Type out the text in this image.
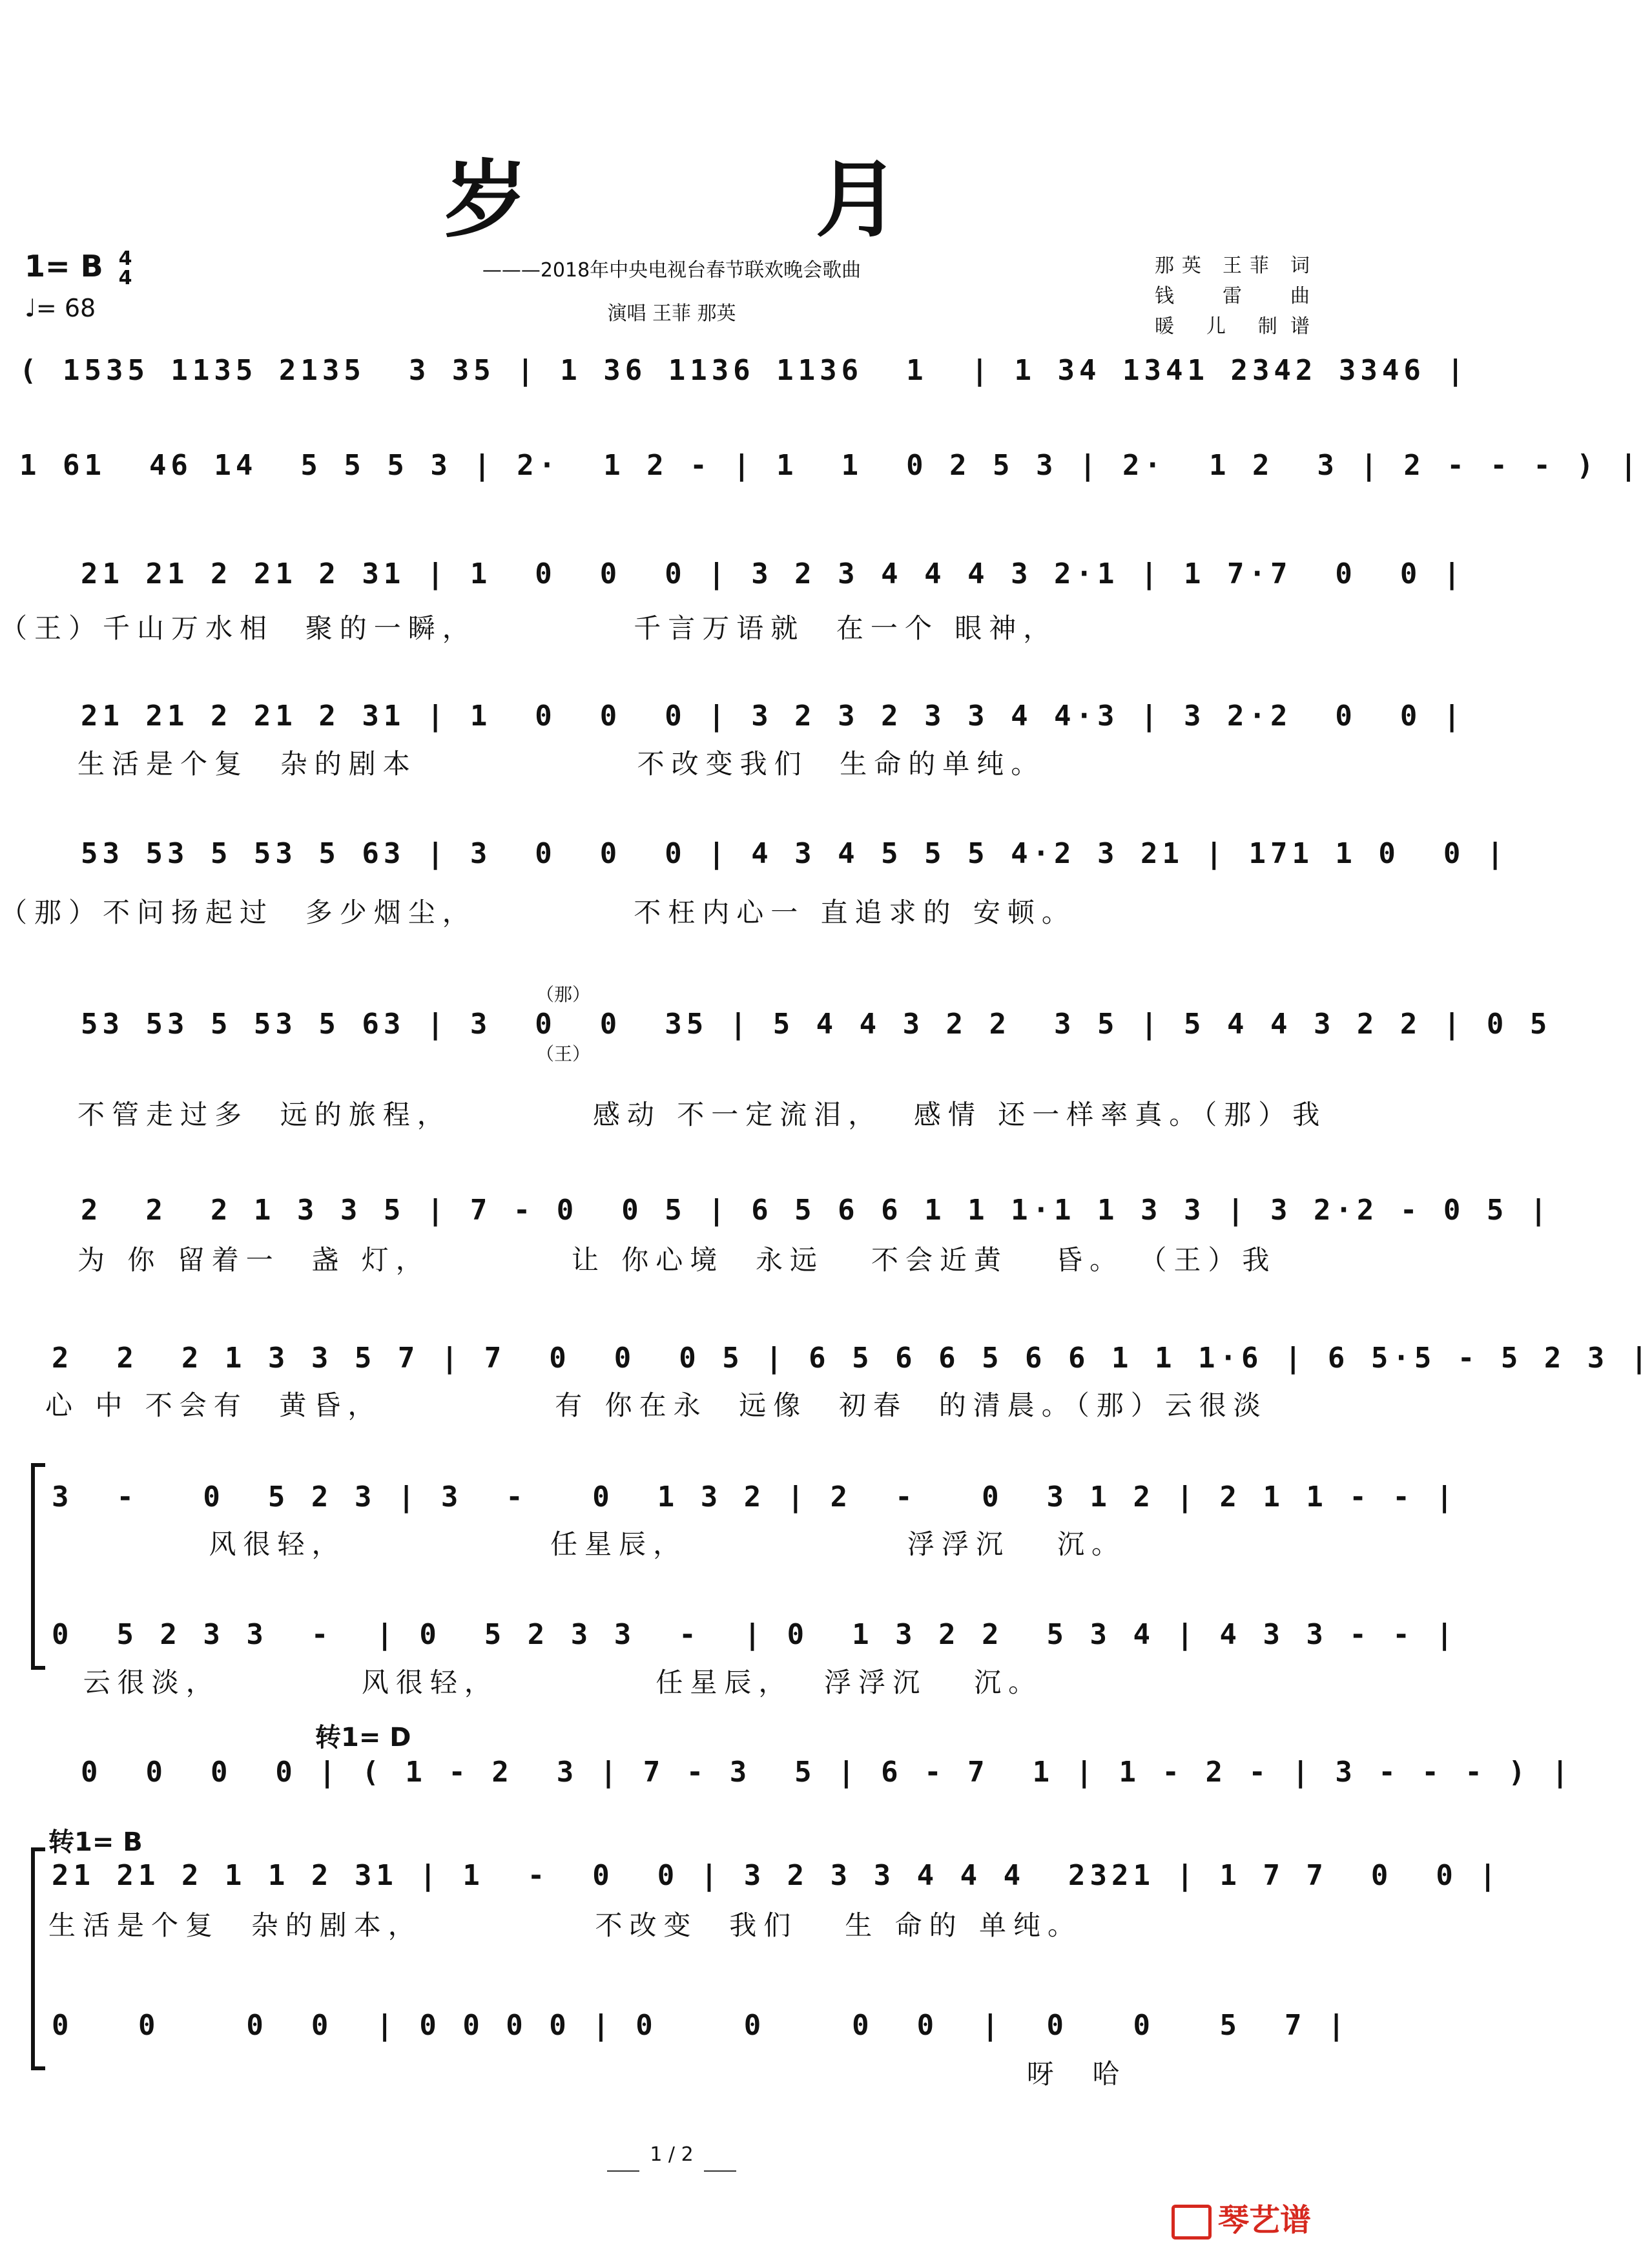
岁 月
1= B 4
4
♩= 68
———2018年中央电视台春节联欢晚会歌曲
演唱 王菲 那英
那英 王菲 词
钱 雷 曲
暖 儿 制谱
( 1535 1135 2135  3 35 | 1 36 1136 1136  1  | 1 34 1341 2342 3346 |
1 61  46 14  5 5 5 3 | 2·  1 2 - | 1  1  0 2 5 3 | 2·  1 2  3 | 2 - - - ) |
21 21 2 21 2 31 | 1  0  0  0 | 3 2 3 4 4 4 3 2·1 | 1 7·7  0  0 |
（王）千山万水相  聚的一瞬，          千言万语就  在一个 眼神，
21 21 2 21 2 31 | 1  0  0  0 | 3 2 3 2 3 3 4 4·3 | 3 2·2  0  0 |
生活是个复  杂的剧本              不改变我们  生命的单纯。
53 53 5 53 5 63 | 3  0  0  0 | 4 3 4 5 5 5 4·2 3 21 | 171 1 0  0 |
（那）不问扬起过  多少烟尘，          不枉内心一 直追求的 安顿。
（那）
（王）
53 53 5 53 5 63 | 3  0  0  35 | 5 4 4 3 2 2  3 5 | 5 4 4 3 2 2 | 0 5
不管走过多  远的旅程，         感动 不一定流泪，  感情 还一样率真。（那）我
2  2  2 1 3 3 5 | 7 - 0  0 5 | 6 5 6 6 1 1 1·1 1 3 3 | 3 2·2 - 0 5 |
为 你 留着一  盏 灯，         让 你心境  永远   不会近黄   昏。 （王）我
2  2  2 1 3 3 5 7 | 7  0  0  0 5 | 6 5 6 6 5 6 6 1 1 1·6 | 6 5·5 - 5 2 3 |
心 中 不会有  黄昏，           有 你在永  远像  初春  的清晨。（那）云很淡
3  -   0  5 2 3 | 3  -   0  1 3 2 | 2  -   0  3 1 2 | 2 1 1 - - |
风很轻，             任星辰，              浮浮沉   沉。
0  5 2 3 3  -  | 0  5 2 3 3  -  | 0  1 3 2 2  5 3 4 | 4 3 3 - - |
云很淡，         风很轻，          任星辰，  浮浮沉   沉。
转1= D
0  0  0  0 | ( 1 - 2  3 | 7 - 3  5 | 6 - 7  1 | 1 - 2 - | 3 - - - ) |
转1= B
21 21 2 1 1 2 31 | 1  -  0  0 | 3 2 3 3 4 4 4  2321 | 1 7 7  0  0 |
生活是个复  杂的剧本，           不改变  我们   生 命的 单纯。
0   0    0  0  | 0 0 0 0 | 0    0    0  0  |  0   0   5  7 |
呀  哈
1 / 2
琴艺谱
